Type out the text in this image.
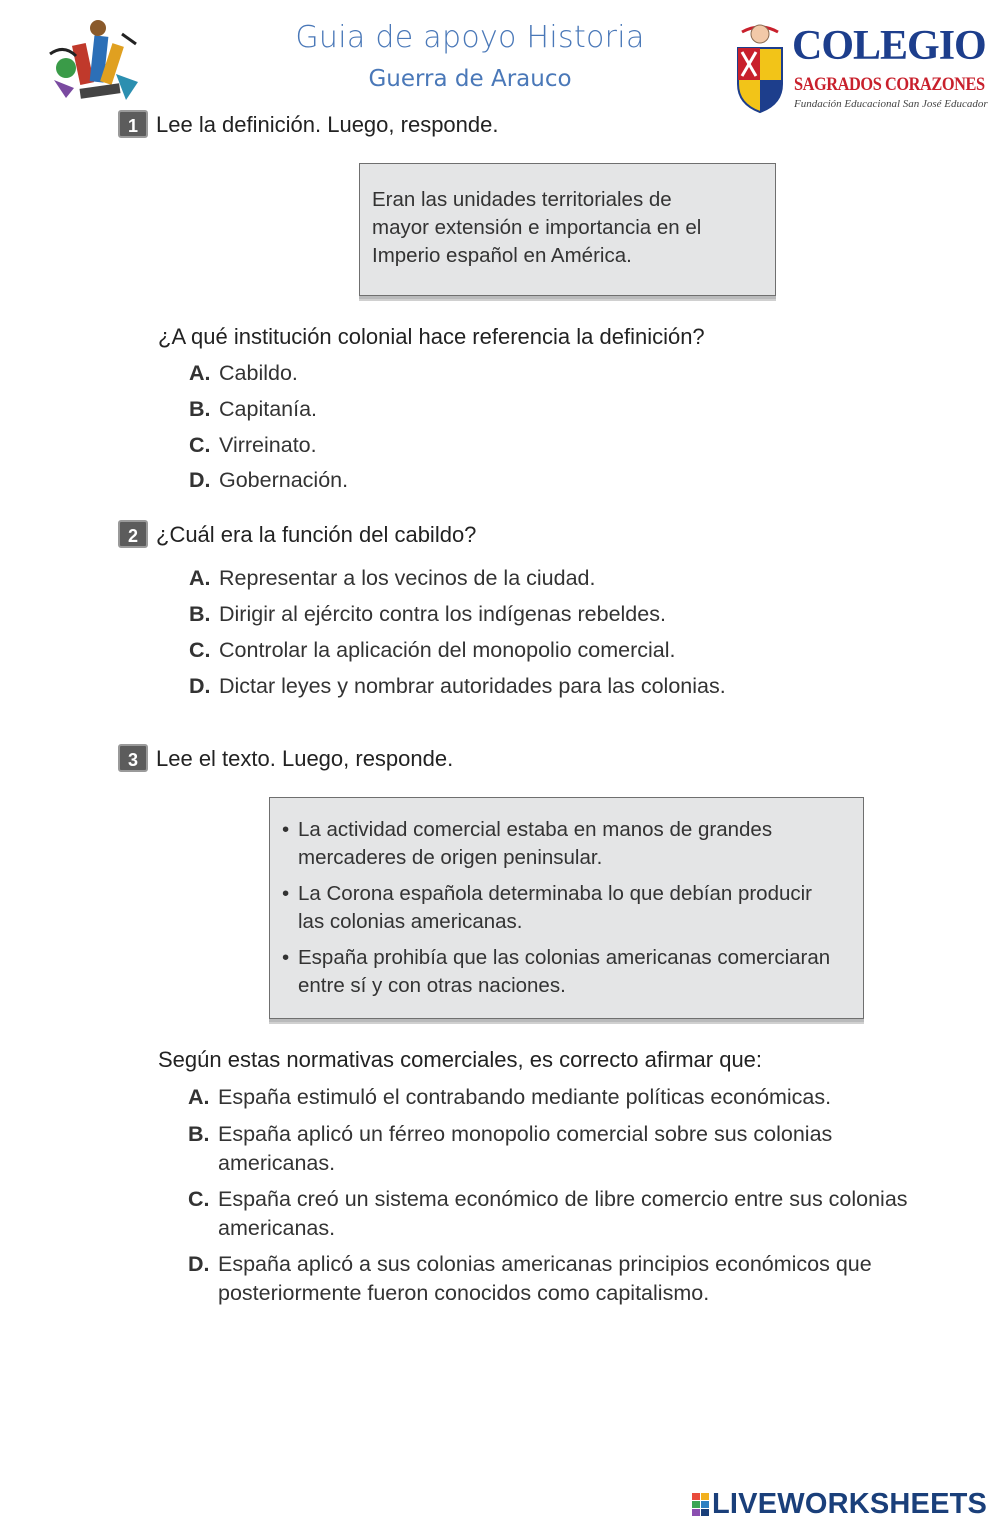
Guia de apoyo Historia
Guerra de Arauco
COLEGIO
SAGRADOS CORAZONES
Fundación Educacional San José Educador
1 Lee la definición. Luego, responde.

Eran las unidades territoriales de

mayor extensión e importancia en el

Imperio español en América.

¿A qué institución colonial hace referencia la definición?
A. Cabildo.
B. Capitanía.
C. Virreinato.
D. Gobernación.
2 ¿Cuál era la función del cabildo?
A. Representar a los vecinos de la ciudad.
B. Dirigir al ejército contra los indígenas rebeldes.
C. Controlar la aplicación del monopolio comercial.
D. Dictar leyes y nombrar autoridades para las colonias.
3 Lee el texto. Luego, responde.
• La actividad comercial estaba en manos de grandes mercaderes de origen peninsular.
• La Corona española determinaba lo que debían producir las colonias americanas.
• España prohibía que las colonias americanas comerciaran entre sí y con otras naciones.
Según estas normativas comerciales, es correcto afirmar que:
A. España estimuló el contrabando mediante políticas económicas.
B. España aplicó un férreo monopolio comercial sobre sus colonias americanas.
C. España creó un sistema económico de libre comercio entre sus colonias americanas.
D. España aplicó a sus colonias americanas principios económicos que posteriormente fueron conocidos como capitalismo.
LIVEWORKSHEETS
